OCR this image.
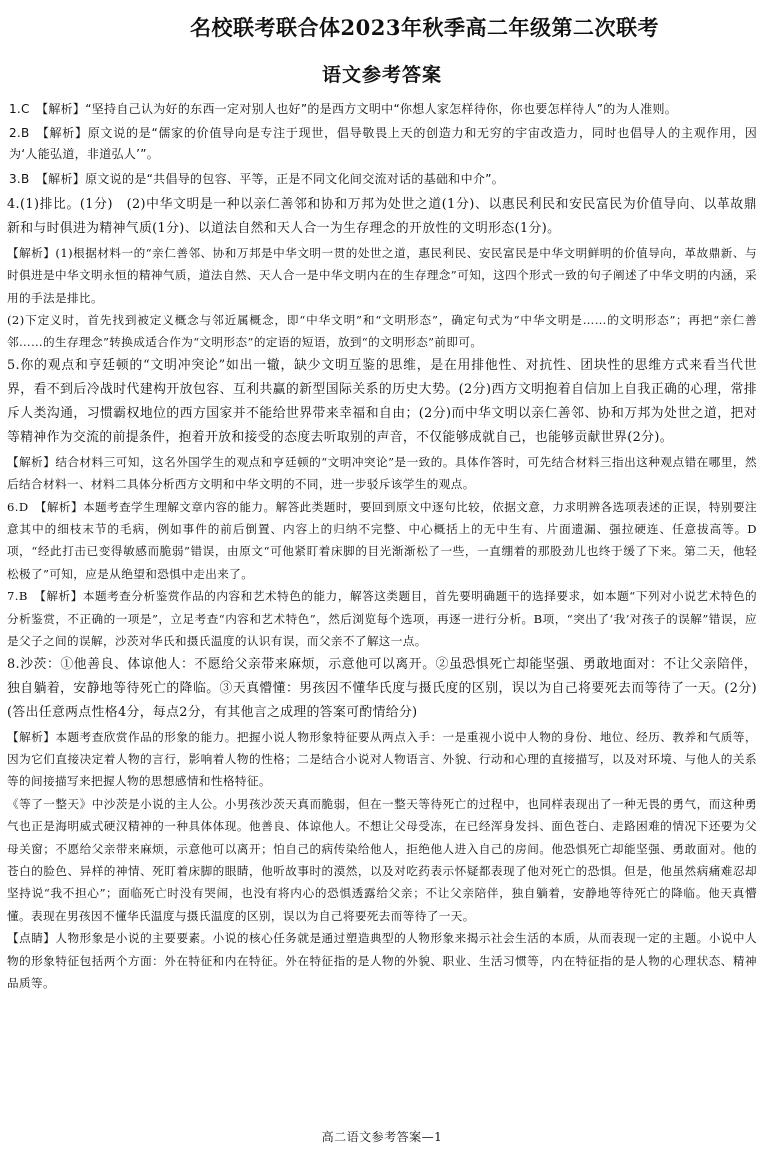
名校联考联合体2023年秋季高二年级第二次联考
语文参考答案
1.C　【解析】“坚持自己认为好的东西一定对别人也好”的是西方文明中“你想人家怎样待你，你也要怎样待人”的为人准则。
2.B　【解析】原文说的是“儒家的价值导向是专注于现世，倡导敬畏上天的创造力和无穷的宇宙改造力，同时也倡导人的主观作用，因为‘人能弘道，非道弘人’”。
3.B　【解析】原文说的是“共倡导的包容、平等，正是不同文化间交流对话的基础和中介”。
4.(1)排比。(1分)　(2)中华文明是一种以亲仁善邻和协和万邦为处世之道(1分)、以惠民利民和安民富民为价值导向、以革故鼎新和与时俱进为精神气质(1分)、以道法自然和天人合一为生存理念的开放性的文明形态(1分)。
【解析】(1)根据材料一的“亲仁善邻、协和万邦是中华文明一贯的处世之道，惠民利民、安民富民是中华文明鲜明的价值导向，革故鼎新、与时俱进是中华文明永恒的精神气质，道法自然、天人合一是中华文明内在的生存理念”可知，这四个形式一致的句子阐述了中华文明的内涵，采用的手法是排比。
(2)下定义时，首先找到被定义概念与邻近属概念，即“中华文明”和“文明形态”，确定句式为“中华文明是……的文明形态”；再把“亲仁善邻……的生存理念”转换成适合作为“文明形态”的定语的短语，放到“的文明形态”前即可。
5.你的观点和亨廷顿的“文明冲突论”如出一辙，缺少文明互鉴的思维，是在用排他性、对抗性、团块性的思维方式来看当代世界，看不到后冷战时代建构开放包容、互利共赢的新型国际关系的历史大势。(2分)西方文明抱着自信加上自我正确的心理，常排斥人类沟通，习惯霸权地位的西方国家并不能给世界带来幸福和自由；(2分)而中华文明以亲仁善邻、协和万邦为处世之道，把对等精神作为交流的前提条件，抱着开放和接受的态度去听取别的声音，不仅能够成就自己，也能够贡献世界(2分)。
【解析】结合材料三可知，这名外国学生的观点和亨廷顿的“文明冲突论”是一致的。具体作答时，可先结合材料三指出这种观点错在哪里，然后结合材料一、材料二具体分析西方文明和中华文明的不同，进一步驳斥该学生的观点。
6.D　【解析】本题考查学生理解文章内容的能力。解答此类题时，要回到原文中逐句比较，依据文意，力求明辨各选项表述的正误，特别要注意其中的细枝末节的毛病，例如事件的前后倒置、内容上的归纳不完整、中心概括上的无中生有、片面遗漏、强拉硬连、任意拔高等。D项，“经此打击已变得敏感而脆弱”错误，由原文“可他紧盯着床脚的目光渐渐松了一些，一直绷着的那股劲儿也终于缓了下来。第二天，他轻松极了”可知，应是从绝望和恐惧中走出来了。
7.B　【解析】本题考查分析鉴赏作品的内容和艺术特色的能力，解答这类题目，首先要明确题干的选择要求，如本题“下列对小说艺术特色的分析鉴赏，不正确的一项是”，立足考查“内容和艺术特色”，然后浏览每个选项，再逐一进行分析。B项，“突出了‘我’对孩子的误解”错误，应是父子之间的误解，沙茨对华氏和摄氏温度的认识有误，而父亲不了解这一点。
8.沙茨：①他善良、体谅他人：不愿给父亲带来麻烦，示意他可以离开。②虽恐惧死亡却能坚强、勇敢地面对：不让父亲陪伴，独自躺着，安静地等待死亡的降临。③天真懵懂：男孩因不懂华氏度与摄氏度的区别，误以为自己将要死去而等待了一天。(2分)(答出任意两点性格4分，每点2分，有其他言之成理的答案可酌情给分)
【解析】本题考查欣赏作品的形象的能力。把握小说人物形象特征要从两点入手：一是重视小说中人物的身份、地位、经历、教养和气质等，因为它们直接决定着人物的言行，影响着人物的性格；二是结合小说对人物语言、外貌、行动和心理的直接描写，以及对环境、与他人的关系等的间接描写来把握人物的思想感情和性格特征。
《等了一整天》中沙茨是小说的主人公。小男孩沙茨天真而脆弱，但在一整天等待死亡的过程中，也同样表现出了一种无畏的勇气，而这种勇气也正是海明威式硬汉精神的一种具体体现。他善良、体谅他人。不想让父母受冻，在已经浑身发抖、面色苍白、走路困难的情况下还要为父母关窗；不愿给父亲带来麻烦，示意他可以离开；怕自己的病传染给他人，拒绝他人进入自己的房间。他恐惧死亡却能坚强、勇敢面对。他的苍白的脸色、异样的神情、死盯着床脚的眼睛，他听故事时的漠然，以及对吃药表示怀疑都表现了他对死亡的恐惧。但是，他虽然病痛难忍却坚持说“我不担心”；面临死亡时没有哭闹，也没有将内心的恐惧透露给父亲；不让父亲陪伴，独自躺着，安静地等待死亡的降临。他天真懵懂。表现在男孩因不懂华氏温度与摄氏温度的区别，误以为自己将要死去而等待了一天。
【点睛】人物形象是小说的主要要素。小说的核心任务就是通过塑造典型的人物形象来揭示社会生活的本质，从而表现一定的主题。小说中人物的形象特征包括两个方面：外在特征和内在特征。外在特征指的是人物的外貌、职业、生活习惯等，内在特征指的是人物的心理状态、精神品质等。
高二语文参考答案—1
